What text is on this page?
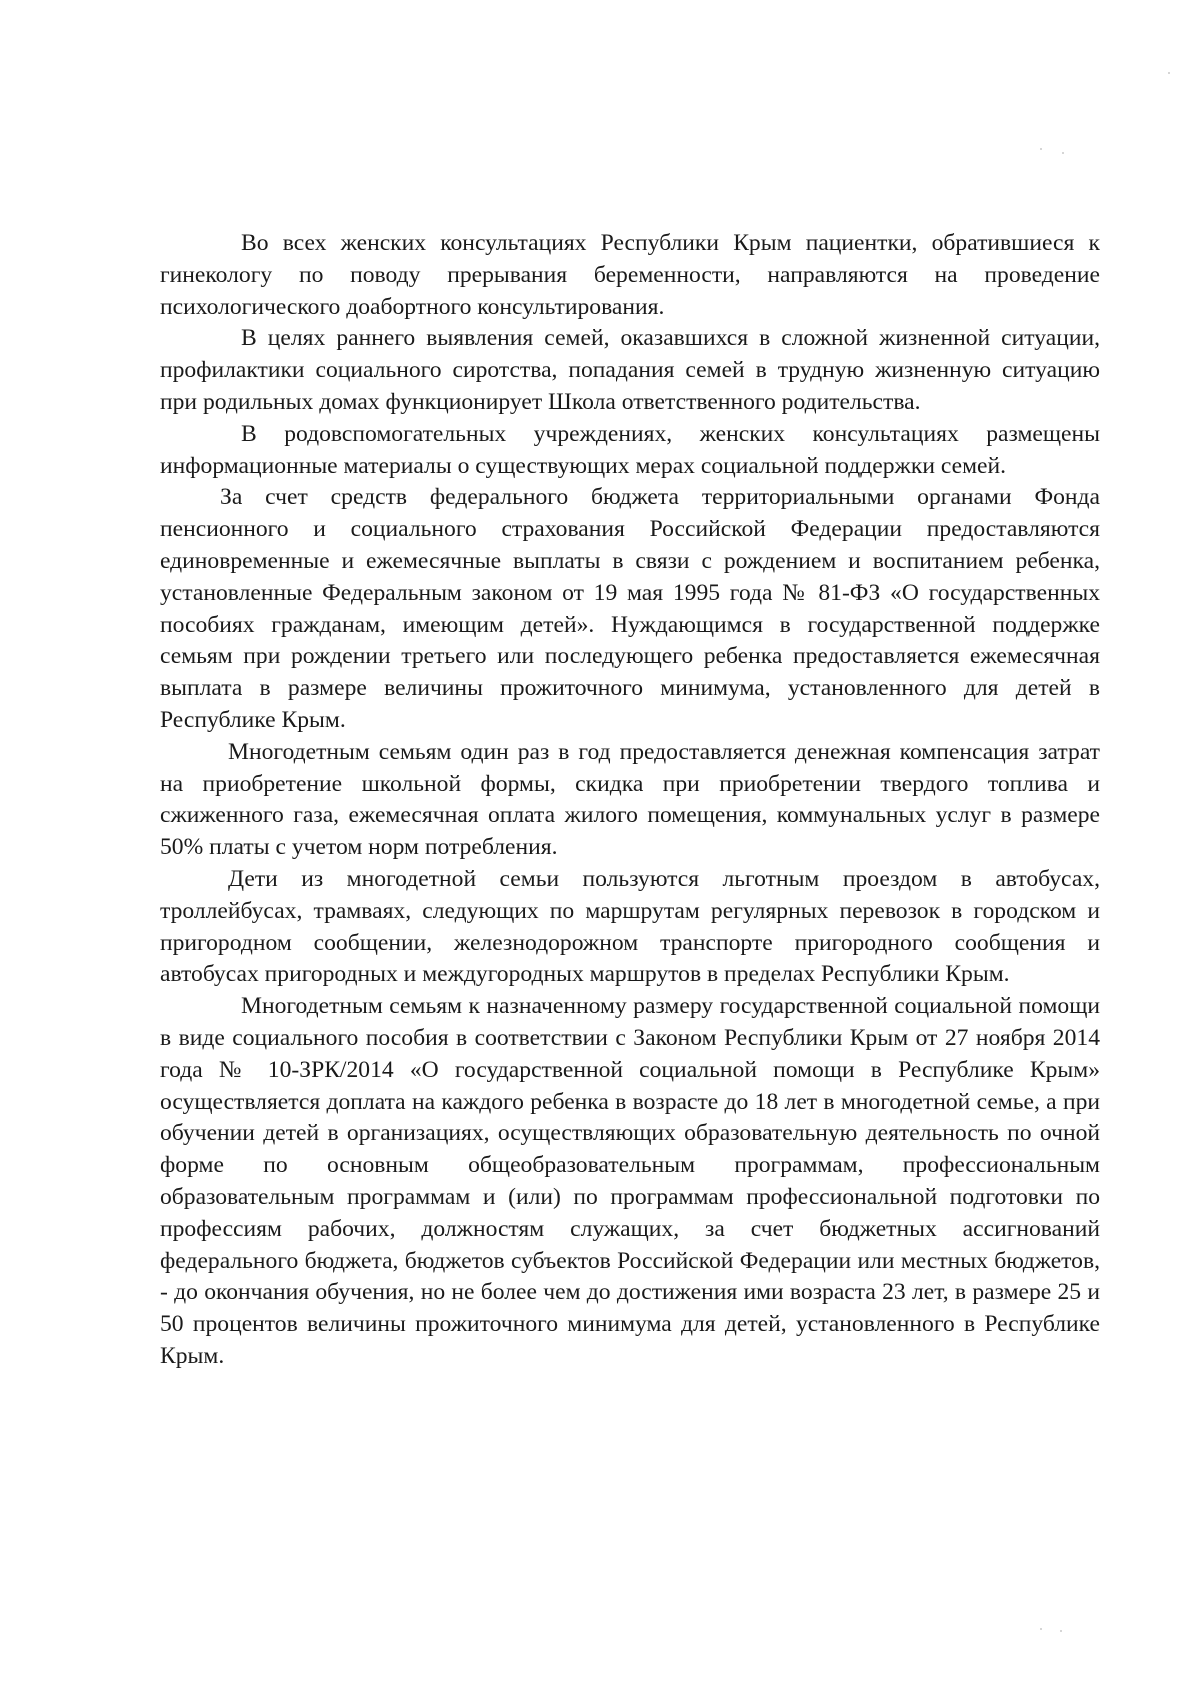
Во всех женских консультациях Республики Крым пациентки, обратившиеся к гинекологу по поводу прерывания беременности, направляются на проведение психологического доабортного консультирования.

В целях раннего выявления семей, оказавшихся в сложной жизненной ситуации, профилактики социального сиротства, попадания семей в трудную жизненную ситуацию при родильных домах функционирует Школа ответственного родительства.

В родовспомогательных учреждениях, женских консультациях размещены информационные материалы о существующих мерах социальной поддержки семей.

За счет средств федерального бюджета территориальными органами Фонда пенсионного и социального страхования Российской Федерации предоставляются единовременные и ежемесячные выплаты в связи с рождением и воспитанием ребенка, установленные Федеральным законом от 19 мая 1995 года № 81-ФЗ «О государственных пособиях гражданам, имеющим детей». Нуждающимся в государственной поддержке семьям при рождении третьего или последующего ребенка предоставляется ежемесячная выплата в размере величины прожиточного минимума, установленного для детей в Республике Крым.

Многодетным семьям один раз в год предоставляется денежная компенсация затрат на приобретение школьной формы, скидка при приобретении твердого топлива и сжиженного газа, ежемесячная оплата жилого помещения, коммунальных услуг в размере 50% платы с учетом норм потребления.

Дети из многодетной семьи пользуются льготным проездом в автобусах, троллейбусах, трамваях, следующих по маршрутам регулярных перевозок в городском и пригородном сообщении, железнодорожном транспорте пригородного сообщения и автобусах пригородных и междугородных маршрутов в пределах Республики Крым.

Многодетным семьям к назначенному размеру государственной социальной помощи в виде социального пособия в соответствии с Законом Республики Крым от 27 ноября 2014 года № 10-ЗРК/2014 «О государственной социальной помощи в Республике Крым» осуществляется доплата на каждого ребенка в возрасте до 18 лет в многодетной семье, а при обучении детей в организациях, осуществляющих образовательную деятельность по очной форме по основным общеобразовательным программам, профессиональным образовательным программам и (или) по программам профессиональной подготовки по профессиям рабочих, должностям служащих, за счет бюджетных ассигнований федерального бюджета, бюджетов субъектов Российской Федерации или местных бюджетов, - до окончания обучения, но не более чем до достижения ими возраста 23 лет, в размере 25 и 50 процентов величины прожиточного минимума для детей, установленного в Республике Крым.
